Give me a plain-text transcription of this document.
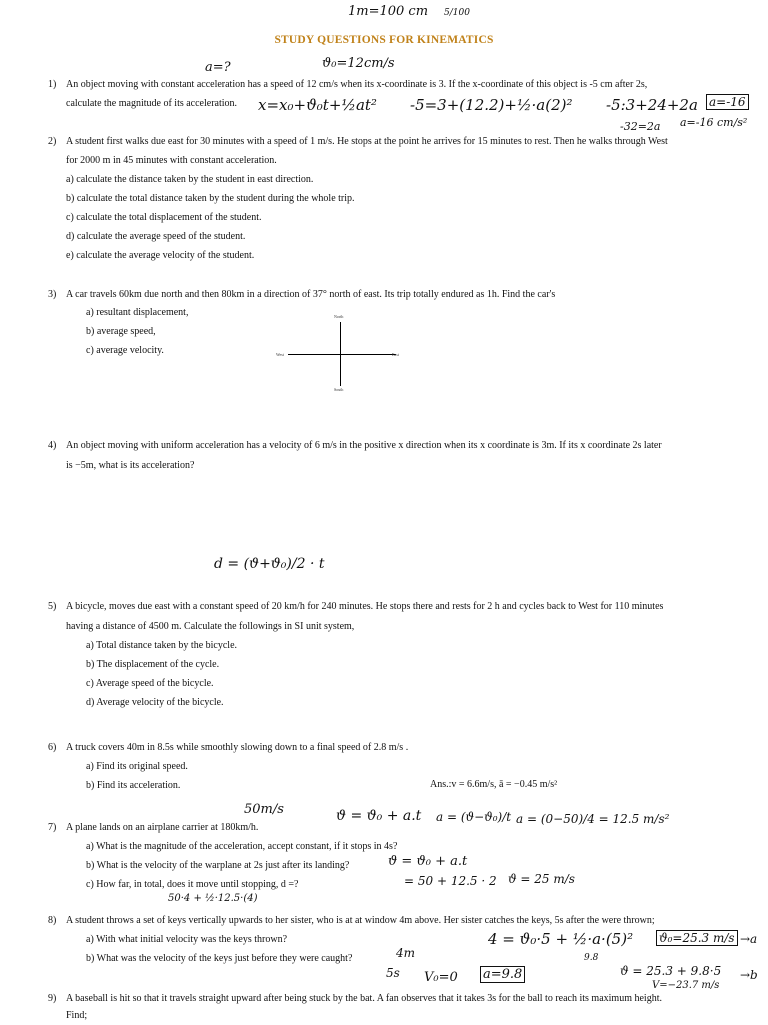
1m=100 cm 5/100
STUDY QUESTIONS FOR KINEMATICS
a=?	ϑ₀=12cm/s
1) An object moving with constant acceleration has a speed of 12 cm/s when its x-coordinate is 3. If the x-coordinate of this object is -5 cm after 2s,
calculate the magnitude of its acceleration.	x=x₀+ϑ₀t+½at² -5=3+(12.2)+½·a(2)² -5:3+24+2a a=-16
-32=2a a=-16 cm/s²
2) A student first walks due east for 30 minutes with a speed of 1 m/s. He stops at the point he arrives for 15 minutes to rest. Then he walks through West
for 2000 m in 45 minutes with constant acceleration.
a) calculate the distance taken by the student in east direction.
b) calculate the total distance taken by the student during the whole trip.
c) calculate the total displacement of the student.
d) calculate the average speed of the student.
e) calculate the average velocity of the student.
3) A car travels 60km due north and then 80km in a direction of 37° north of east. Its trip totally endured as 1h. Find the car's
a) resultant displacement,
b) average speed,
c) average velocity.
North
South
West	East
4) An object moving with uniform acceleration has a velocity of 6 m/s in the positive x direction when its x coordinate is 3m. If its x coordinate 2s later
is −5m, what is its acceleration?
d = (ϑ+ϑ₀)/2 · t
5) A bicycle, moves due east with a constant speed of 20 km/h for 240 minutes. He stops there and rests for 2 h and cycles back to West for 110 minutes
having a distance of 4500 m. Calculate the followings in SI unit system,
a) Total distance taken by the bicycle.
b) The displacement of the cycle.
c) Average speed of the bicycle.
d) Average velocity of the bicycle.
6) A truck covers 40m in 8.5s while smoothly slowing down to a final speed of 2.8 m/s .
a) Find its original speed.
b) Find its acceleration.	Ans.:v = 6.6m/s, ā = −0.45 m/s²
50m/s	ϑ = ϑ₀ + a.t a = (ϑ−ϑ₀)/t a = (0−50)/4 = 12.5 m/s²
7) A plane lands on an airplane carrier at 180km/h.
a) What is the magnitude of the acceleration, accept constant, if it stops in 4s?
b) What is the velocity of the warplane at 2s just after its landing?	ϑ = ϑ₀ + a.t
c) How far, in total, does it move until stopping, d =?	= 50 + 12.5 · 2 ϑ = 25 m/s
50·4 + ½·12.5·(4)
8) A student throws a set of keys vertically upwards to her sister, who is at at window 4m above. Her sister catches the keys, 5s after the were thrown;
a) With what initial velocity was the keys thrown?	4 = ϑ₀·5 + ½·a·(5)² ϑ₀=25.3 m/s →a
b) What was the velocity of the keys just before they were caught?	4m	9.8
5s V₀=0 a=9.8	ϑ = 25.3 + 9.8·5 →b
V=−23.7 m/s
9) A baseball is hit so that it travels straight upward after being stuck by the bat. A fan observes that it takes 3s for the ball to reach its maximum height.
Find;
